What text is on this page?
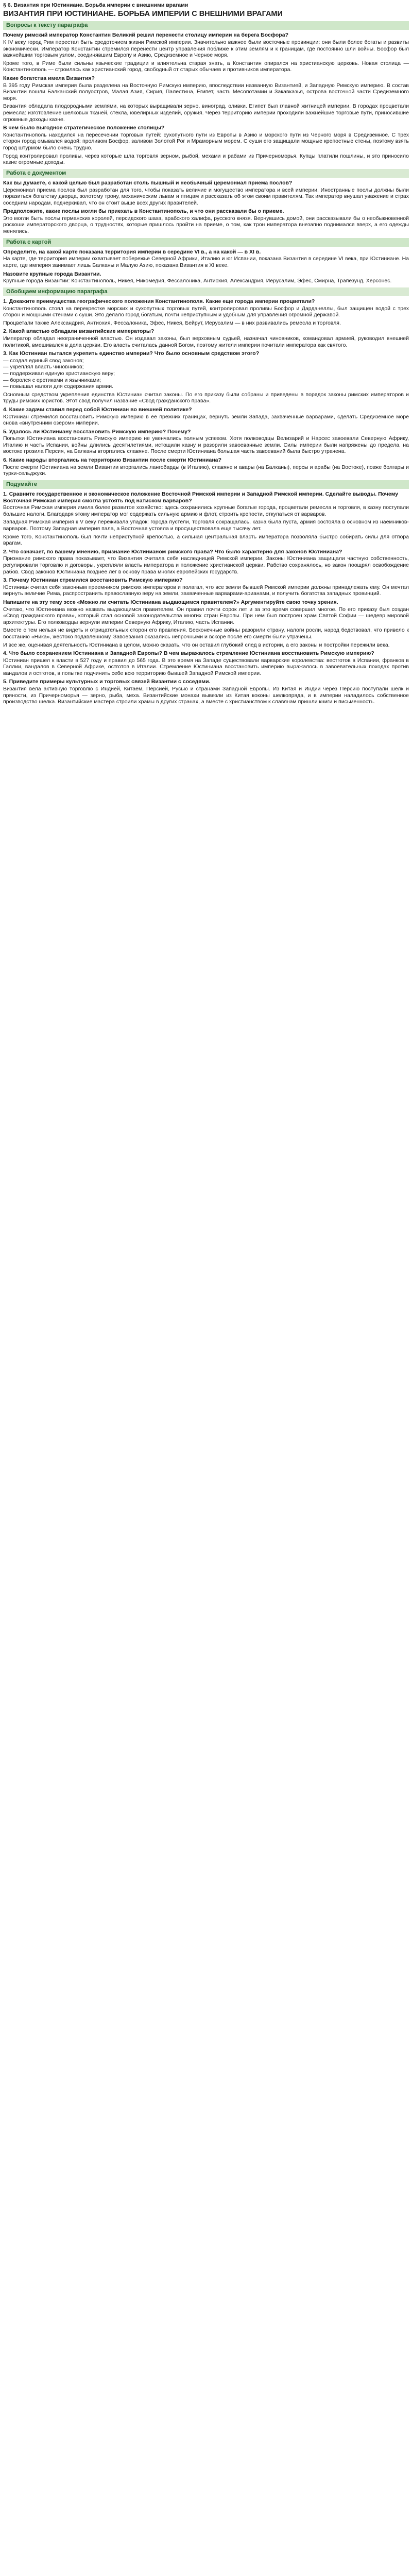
§ 6. Византия при Юстиниане. Борьба империи с внешними врагами
ВИЗАНТИЯ ПРИ ЮСТИНИАНЕ. БОРЬБА ИМПЕРИИ С ВНЕШНИМИ ВРАГАМИ
Вопросы к тексту параграфа
Почему римский император Константин Великий решил перенести столицу империи на берега Босфора?
К IV веку город Рим перестал быть средоточием жизни Римской империи. Значительно важнее были восточные провинции: они были более богаты и развиты экономически. Император Константин стремился перенести центр управления поближе к этим землям и к границам, где постоянно шли войны. Босфор был важнейшим торговым узлом, соединявшим Европу и Азию, Средиземное и Черное моря.
Кроме того, в Риме были сильны языческие традиции и влиятельна старая знать, а Константин опирался на христианскую церковь. Новая столица — Константинополь — строилась как христианский город, свободный от старых обычаев и противников императора.
Какие богатства имела Византия?
В 395 году Римская империя была разделена на Восточную Римскую империю, впоследствии названную Византией, и Западную Римскую империю. В состав Византии вошли Балканский полуостров, Малая Азия, Сирия, Палестина, Египет, часть Месопотамии и Закавказья, острова восточной части Средиземного моря.
Византия обладала плодородными землями, на которых выращивали зерно, виноград, оливки. Египет был главной житницей империи. В городах процветали ремесла: изготовление шелковых тканей, стекла, ювелирных изделий, оружия. Через территорию империи проходили важнейшие торговые пути, приносившие огромные доходы казне.
В чем было выгодное стратегическое положение столицы?
Константинополь находился на пересечении торговых путей: сухопутного пути из Европы в Азию и морского пути из Черного моря в Средиземное. С трех сторон город омывался водой: проливом Босфор, заливом Золотой Рог и Мраморным морем. С суши его защищали мощные крепостные стены, поэтому взять город штурмом было очень трудно.
Город контролировал проливы, через которые шла торговля зерном, рыбой, мехами и рабами из Причерноморья. Купцы платили пошлины, и это приносило казне огромные доходы.
Работа с документом
Как вы думаете, с какой целью был разработан столь пышный и необычный церемониал приема послов?
Церемониал приема послов был разработан для того, чтобы показать величие и могущество императора и всей империи. Иностранные послы должны были поразиться богатству дворца, золотому трону, механическим львам и птицам и рассказать об этом своим правителям. Так император внушал уважение и страх соседним народам, подчеркивал, что он стоит выше всех других правителей.
Предположите, какие послы могли бы приехать в Константинополь, и что они рассказали бы о приеме.
Это могли быть послы германских королей, персидского шаха, арабского халифа, русского князя. Вернувшись домой, они рассказывали бы о необыкновенной роскоши императорского дворца, о трудностях, которые пришлось пройти на приеме, о том, как трон императора внезапно поднимался вверх, а его одежды менялись.
Работа с картой
Определите, на какой карте показана территория империи в середине VI в., а на какой — в XI в.
На карте, где территория империи охватывает побережье Северной Африки, Италию и юг Испании, показана Византия в середине VI века, при Юстиниане. На карте, где империя занимает лишь Балканы и Малую Азию, показана Византия в XI веке.
Назовите крупные города Византии.
Крупные города Византии: Константинополь, Никея, Никомедия, Фессалоника, Антиохия, Александрия, Иерусалим, Эфес, Смирна, Трапезунд, Херсонес.
Обобщаем информацию параграфа
1. Докажите преимущества географического положения Константинополя. Какие еще города империи процветали?
Константинополь стоял на перекрестке морских и сухопутных торговых путей, контролировал проливы Босфор и Дарданеллы, был защищен водой с трех сторон и мощными стенами с суши. Это делало город богатым, почти неприступным и удобным для управления огромной державой.
Процветали также Александрия, Антиохия, Фессалоника, Эфес, Никея, Бейрут, Иерусалим — в них развивались ремесла и торговля.
2. Какой властью обладали византийские императоры?
Император обладал неограниченной властью. Он издавал законы, был верховным судьей, назначал чиновников, командовал армией, руководил внешней политикой, вмешивался в дела церкви. Его власть считалась данной Богом, поэтому жители империи почитали императора как святого.
3. Как Юстиниан пытался укрепить единство империи? Что было основным средством этого?
— создал единый свод законов;
— укреплял власть чиновников;
— поддерживал единую христианскую веру;
— боролся с еретиками и язычниками;
— повышал налоги для содержания армии.
Основным средством укрепления единства Юстиниан считал законы. По его приказу были собраны и приведены в порядок законы римских императоров и труды римских юристов. Этот свод получил название «Свод гражданского права».
4. Какие задачи ставил перед собой Юстиниан во внешней политике?
Юстиниан стремился восстановить Римскую империю в ее прежних границах, вернуть земли Запада, захваченные варварами, сделать Средиземное море снова «внутренним озером» империи.
5. Удалось ли Юстиниану восстановить Римскую империю? Почему?
Попытки Юстиниана восстановить Римскую империю не увенчались полным успехом. Хотя полководцы Велизарий и Нарсес завоевали Северную Африку, Италию и часть Испании, войны длились десятилетиями, истощили казну и разорили завоеванные земли. Силы империи были напряжены до предела, на востоке грозила Персия, на Балканы вторгались славяне. После смерти Юстиниана большая часть завоеваний была быстро утрачена.
6. Какие народы вторгались на территорию Византии после смерти Юстиниана?
После смерти Юстиниана на земли Византии вторгались лангобарды (в Италию), славяне и авары (на Балканы), персы и арабы (на Востоке), позже болгары и турки-сельджуки.
Подумайте
1. Сравните государственное и экономическое положение Восточной Римской империи и Западной Римской империи. Сделайте выводы. Почему Восточная Римская империя смогла устоять под натиском варваров?
Восточная Римская империя имела более развитое хозяйство: здесь сохранились крупные богатые города, процветали ремесла и торговля, в казну поступали большие налоги. Благодаря этому император мог содержать сильную армию и флот, строить крепости, откупаться от варваров.
Западная Римская империя к V веку переживала упадок: города пустели, торговля сокращалась, казна была пуста, армия состояла в основном из наемников-варваров. Поэтому Западная империя пала, а Восточная устояла и просуществовала еще тысячу лет.
Кроме того, Константинополь был почти неприступной крепостью, а сильная центральная власть императора позволяла быстро собирать силы для отпора врагам.
2. Что означает, по вашему мнению, признание Юстинианом римского права? Что было характерно для законов Юстиниана?
Признание римского права показывает, что Византия считала себя наследницей Римской империи. Законы Юстиниана защищали частную собственность, регулировали торговлю и договоры, укрепляли власть императора и положение христианской церкви. Рабство сохранялось, но закон поощрял освобождение рабов. Свод законов Юстиниана позднее лег в основу права многих европейских государств.
3. Почему Юстиниан стремился восстановить Римскую империю?
Юстиниан считал себя законным преемником римских императоров и полагал, что все земли бывшей Римской империи должны принадлежать ему. Он мечтал вернуть величие Рима, распространить православную веру на земли, захваченные варварами-арианами, и получить богатства западных провинций.
Напишите на эту тему эссе «Можно ли считать Юстиниана выдающимся правителем?» Аргументируйте свою точку зрения.
Считаю, что Юстиниана можно назвать выдающимся правителем. Он правил почти сорок лет и за это время совершил многое. По его приказу был создан «Свод гражданского права», который стал основой законодательства многих стран Европы. При нем был построен храм Святой Софии — шедевр мировой архитектуры. Его полководцы вернули империи Северную Африку, Италию, часть Испании.
Вместе с тем нельзя не видеть и отрицательных сторон его правления. Бесконечные войны разорили страну, налоги росли, народ бедствовал, что привело к восстанию «Ника», жестоко подавленному. Завоевания оказались непрочными и вскоре после его смерти были утрачены.
И все же, оценивая деятельность Юстиниана в целом, можно сказать, что он оставил глубокий след в истории, а его законы и постройки пережили века.
4. Что было сохранением Юстиниана и Западной Европы? В чем выражалось стремление Юстиниана восстановить Римскую империю?
Юстиниан пришел к власти в 527 году и правил до 565 года. В это время на Западе существовали варварские королевства: вестготов в Испании, франков в Галлии, вандалов в Северной Африке, остготов в Италии. Стремление Юстиниана восстановить империю выражалось в завоевательных походах против вандалов и остготов, в попытке подчинить себе всю территорию бывшей Западной Римской империи.
5. Приведите примеры культурных и торговых связей Византии с соседями.
Византия вела активную торговлю с Индией, Китаем, Персией, Русью и странами Западной Европы. Из Китая и Индии через Персию поступали шелк и пряности, из Причерноморья — зерно, рыба, меха. Византийские монахи вывезли из Китая коконы шелкопряда, и в империи наладилось собственное производство шелка. Византийские мастера строили храмы в других странах, а вместе с христианством к славянам пришли книги и письменность.
